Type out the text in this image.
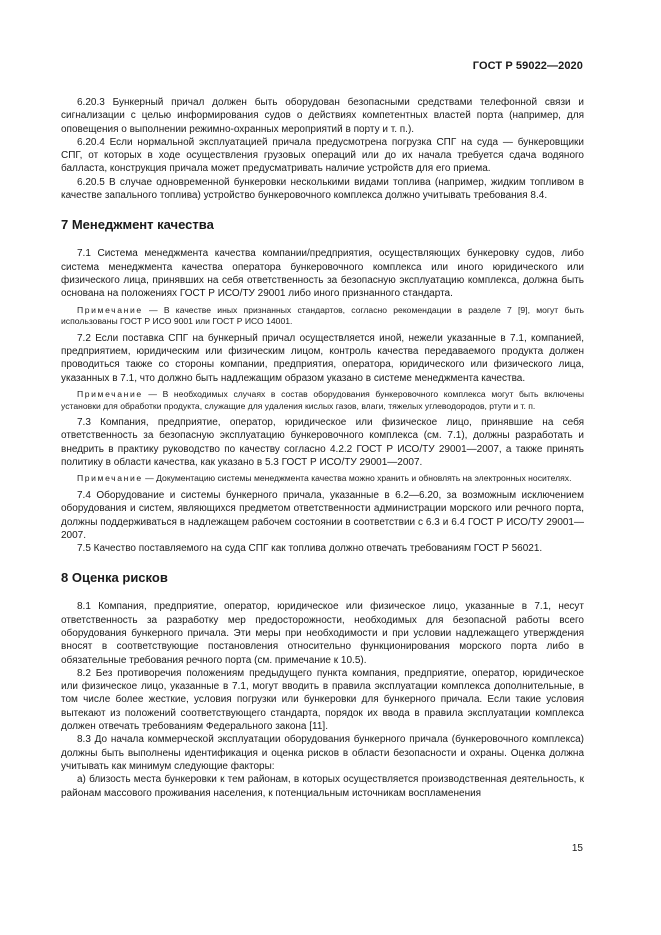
ГОСТ Р 59022—2020

6.20.3 Бункерный причал должен быть оборудован безопасными средствами телефонной связи и сигнализации с целью информирования судов о действиях компетентных властей порта (например, для оповещения о выполнении режимно-охранных мероприятий в порту и т. п.).

6.20.4 Если нормальной эксплуатацией причала предусмотрена погрузка СПГ на суда — бункеровщики СПГ, от которых в ходе осуществления грузовых операций или до их начала требуется сдача водяного балласта, конструкция причала может предусматривать наличие устройств для его приема.

6.20.5 В случае одновременной бункеровки несколькими видами топлива (например, жидким топливом в качестве запального топлива) устройство бункеровочного комплекса должно учитывать требования 8.4.

7 Менеджмент качества

7.1 Система менеджмента качества компании/предприятия, осуществляющих бункеровку судов, либо система менеджмента качества оператора бункеровочного комплекса или иного юридического или физического лица, принявших на себя ответственность за безопасную эксплуатацию комплекса, должна быть основана на положениях ГОСТ Р ИСО/ТУ 29001 либо иного признанного стандарта.

Примечание — В качестве иных признанных стандартов, согласно рекомендации в разделе 7 [9], могут быть использованы ГОСТ Р ИСО 9001 или ГОСТ Р ИСО 14001.

7.2 Если поставка СПГ на бункерный причал осуществляется иной, нежели указанные в 7.1, компанией, предприятием, юридическим или физическим лицом, контроль качества передаваемого продукта должен проводиться также со стороны компании, предприятия, оператора, юридического или физического лица, указанных в 7.1, что должно быть надлежащим образом указано в системе менеджмента качества.

Примечание — В необходимых случаях в состав оборудования бункеровочного комплекса могут быть включены установки для обработки продукта, служащие для удаления кислых газов, влаги, тяжелых углеводородов, ртути и т. п.

7.3 Компания, предприятие, оператор, юридическое или физическое лицо, принявшие на себя ответственность за безопасную эксплуатацию бункеровочного комплекса (см. 7.1), должны разработать и внедрить в практику руководство по качеству согласно 4.2.2 ГОСТ Р ИСО/ТУ 29001—2007, а также принять политику в области качества, как указано в 5.3 ГОСТ Р ИСО/ТУ 29001—2007.

Примечание — Документацию системы менеджмента качества можно хранить и обновлять на электронных носителях.

7.4 Оборудование и системы бункерного причала, указанные в 6.2—6.20, за возможным исключением оборудования и систем, являющихся предметом ответственности администрации морского или речного порта, должны поддерживаться в надлежащем рабочем состоянии в соответствии с 6.3 и 6.4 ГОСТ Р ИСО/ТУ 29001—2007.

7.5 Качество поставляемого на суда СПГ как топлива должно отвечать требованиям ГОСТ Р 56021.

8 Оценка рисков

8.1 Компания, предприятие, оператор, юридическое или физическое лицо, указанные в 7.1, несут ответственность за разработку мер предосторожности, необходимых для безопасной работы всего оборудования бункерного причала. Эти меры при необходимости и при условии надлежащего утверждения вносят в соответствующие постановления относительно функционирования морского порта либо в обязательные требования речного порта (см. примечание к 10.5).

8.2 Без противоречия положениям предыдущего пункта компания, предприятие, оператор, юридическое или физическое лицо, указанные в 7.1, могут вводить в правила эксплуатации комплекса дополнительные, в том числе более жесткие, условия погрузки или бункеровки для бункерного причала. Если такие условия вытекают из положений соответствующего стандарта, порядок их ввода в правила эксплуатации комплекса должен отвечать требованиям Федерального закона [11].

8.3 До начала коммерческой эксплуатации оборудования бункерного причала (бункеровочного комплекса) должны быть выполнены идентификация и оценка рисков в области безопасности и охраны. Оценка должна учитывать как минимум следующие факторы:

а) близость места бункеровки к тем районам, в которых осуществляется производственная деятельность, к районам массового проживания населения, к потенциальным источникам воспламенения

15
